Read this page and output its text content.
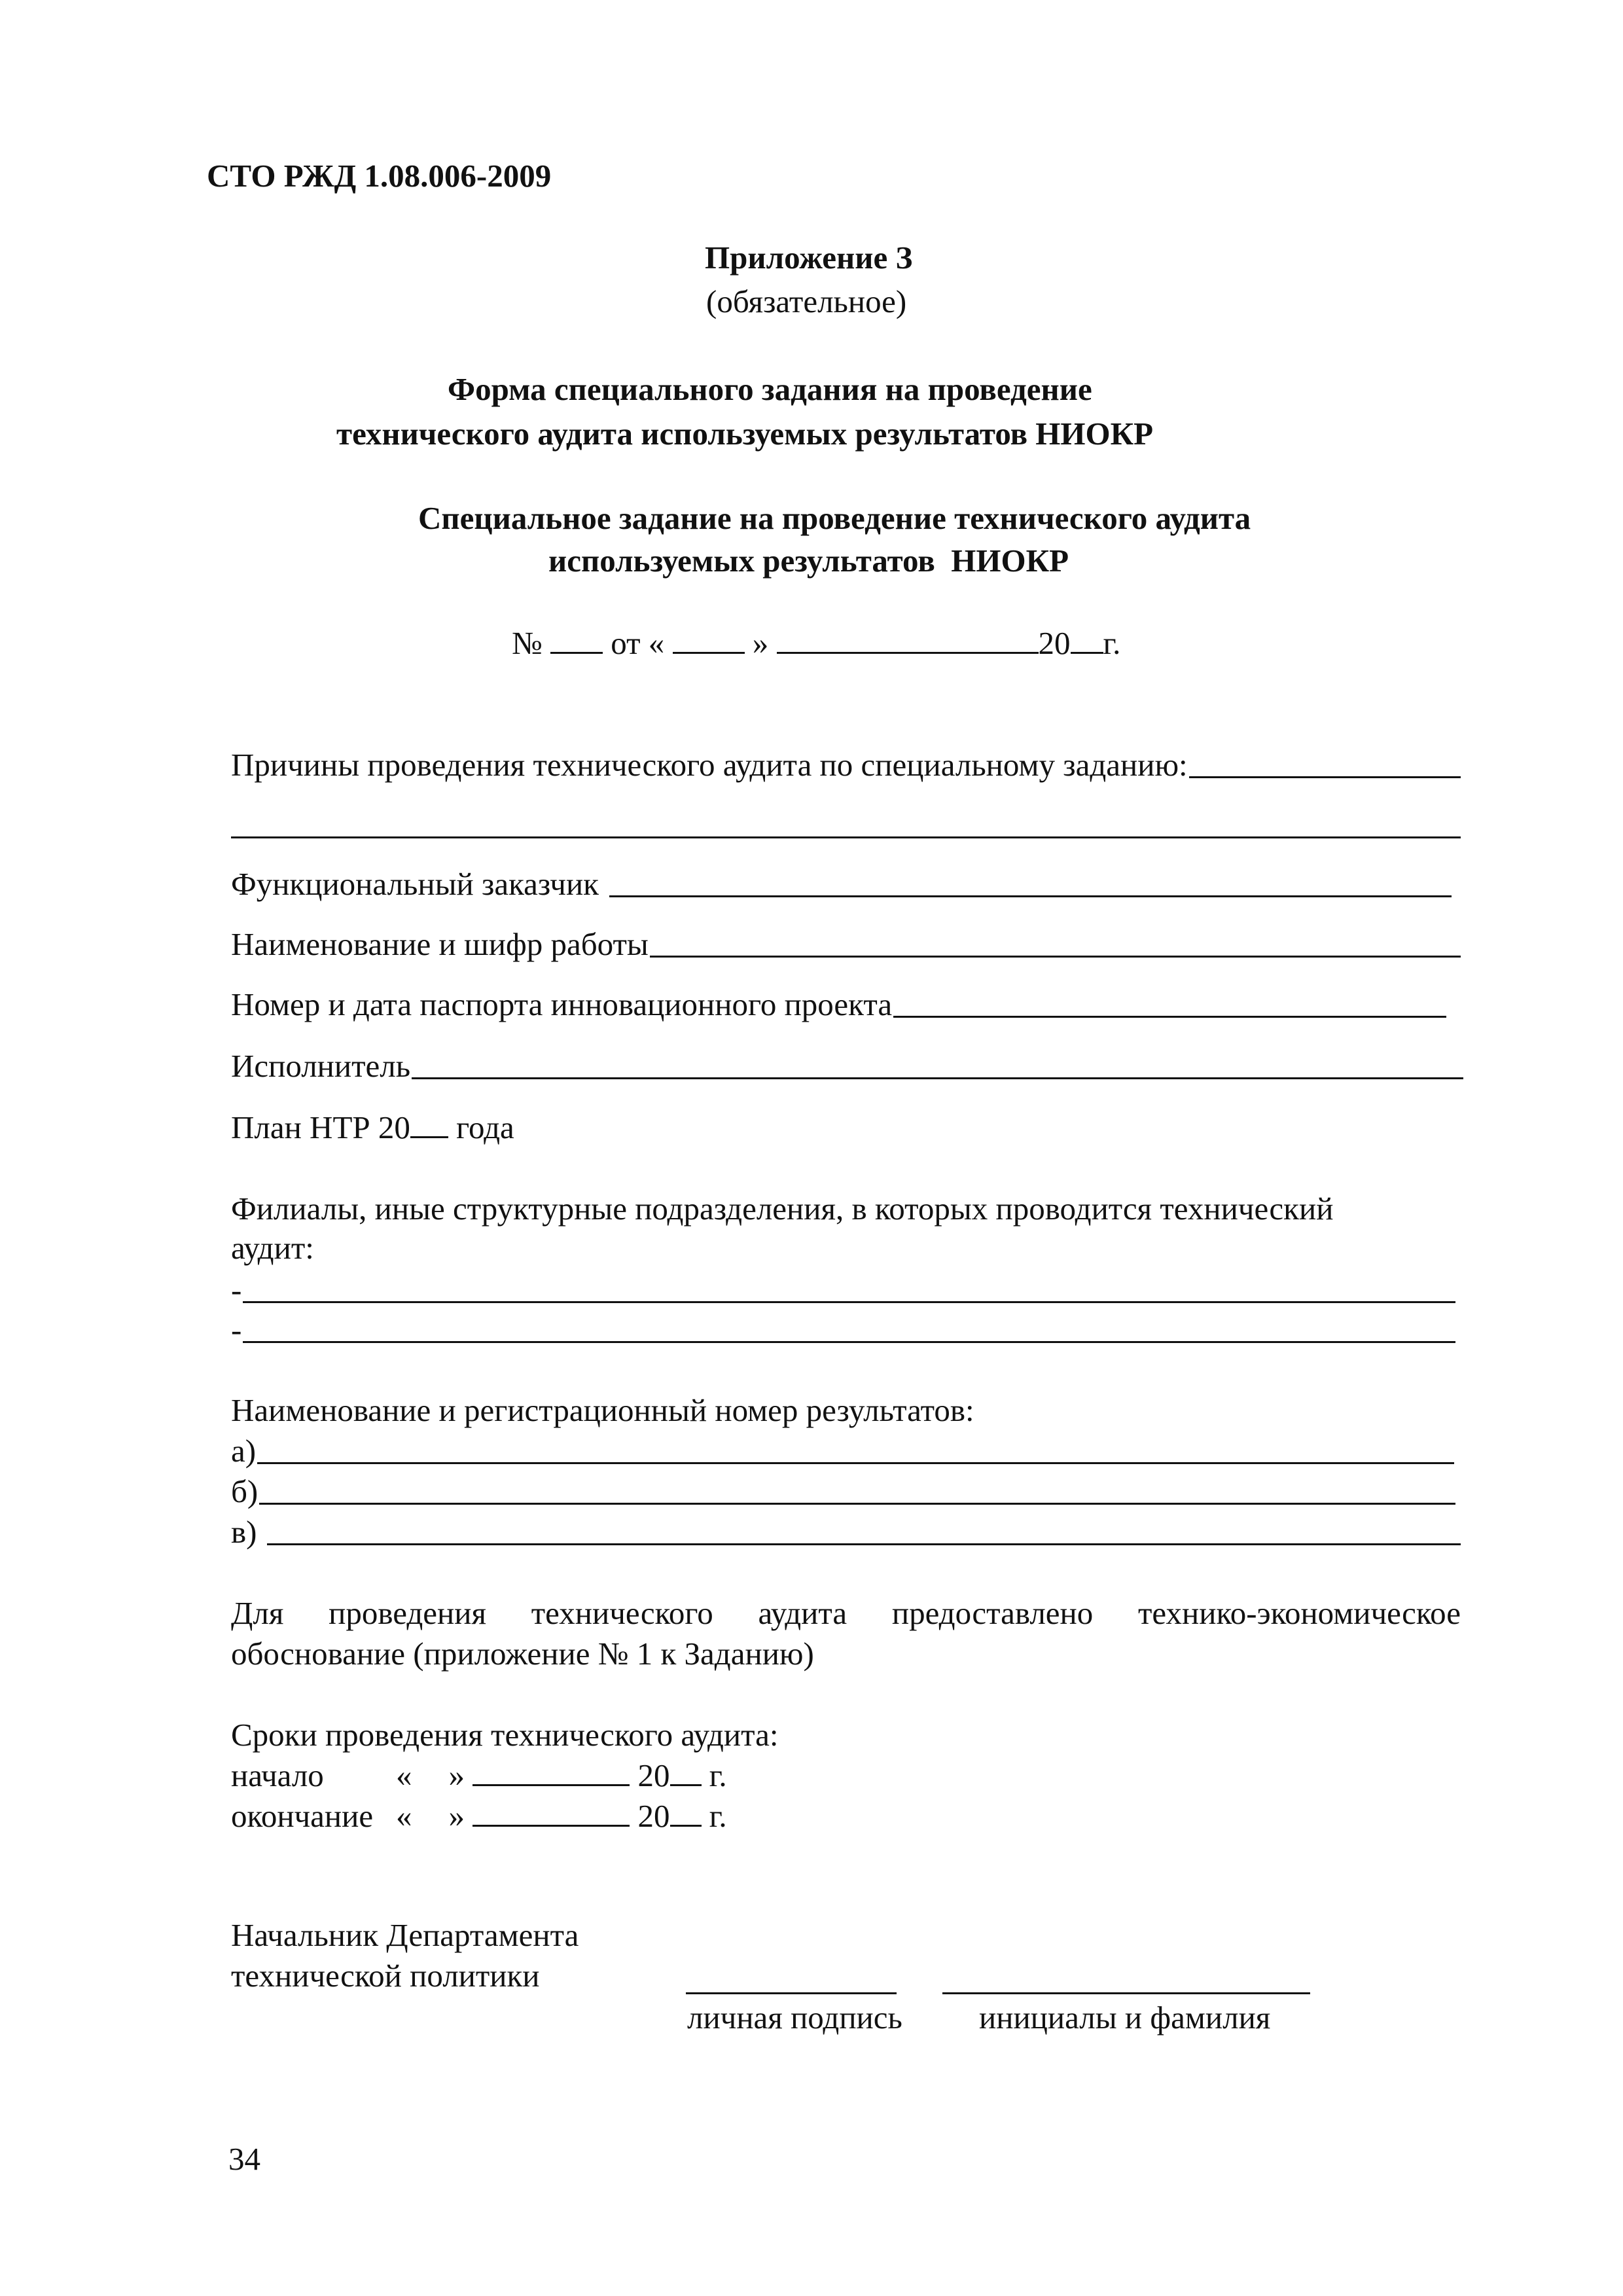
СТО РЖД 1.08.006-2009
Приложение З
(обязательное)
Форма специального задания на проведение
технического аудита используемых результатов НИОКР
Специальное задание на проведение технического аудита
используемых результатов  НИОКР
№ от «	»	20 г.
Причины проведения технического аудита по специальному заданию:
Функциональный заказчик
Наименование и шифр работы
Номер и дата паспорта инновационного проекта
Исполнитель
План НТР 20 года
Филиалы, иные структурные подразделения, в которых проводится технический
аудит:
-
-
Наименование и регистрационный номер результатов:
а)
б)
в)
Для проведения технического аудита предоставлено технико-экономическое
обоснование (приложение № 1 к Заданию)
Сроки проведения технического аудита:
начало « »	20 г.
окончание « »	20 г.
Начальник Департамента
технической политики
личная подпись инициалы и фамилия
34
